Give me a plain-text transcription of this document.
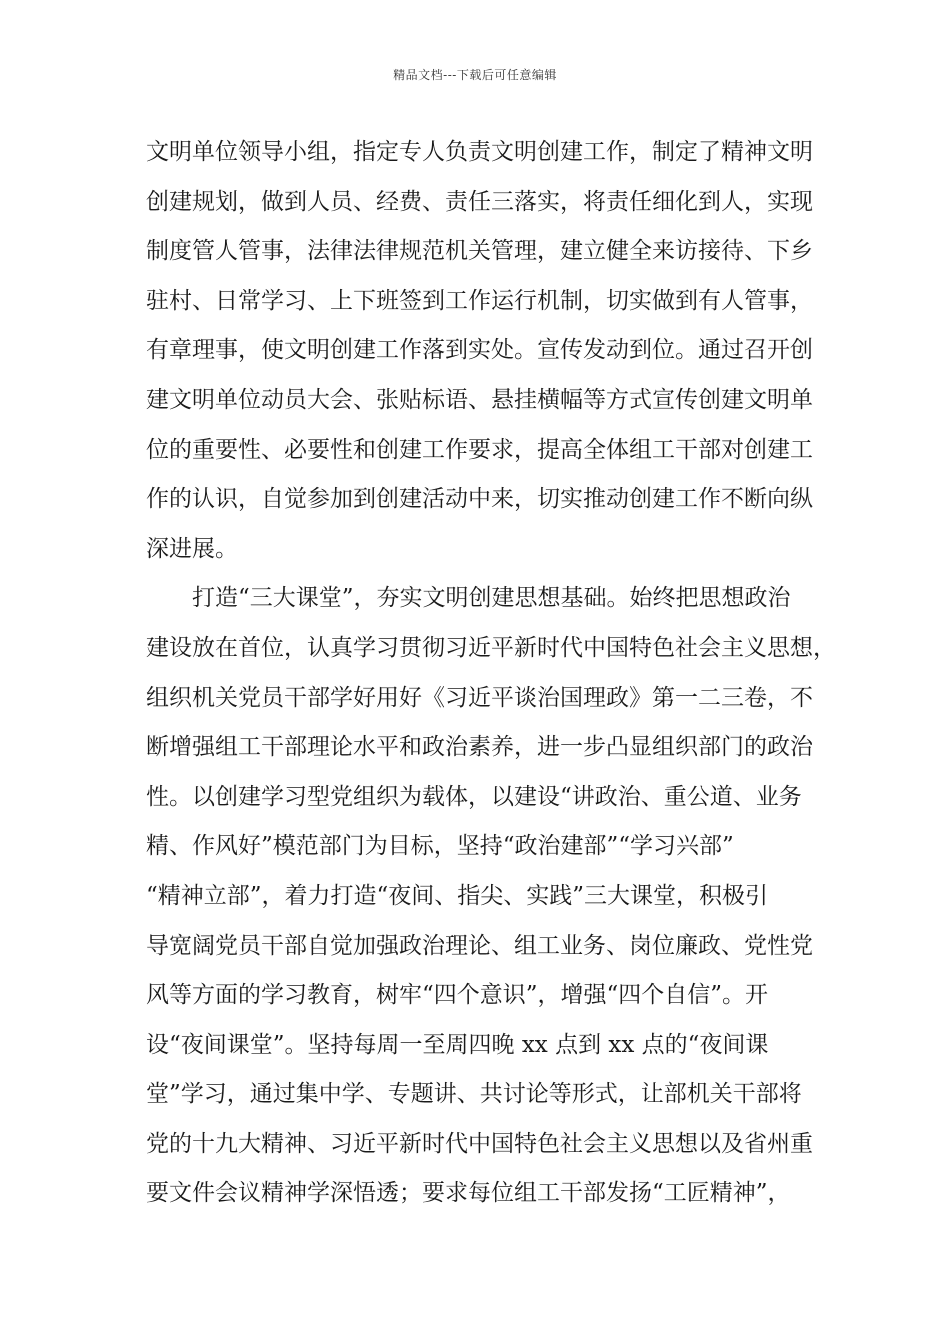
精品文档---下载后可任意编辑
文明单位领导小组，指定专人负责文明创建工作，制定了精神文明
创建规划，做到人员、经费、责任三落实，将责任细化到人，实现
制度管人管事，法律法律规范机关管理，建立健全来访接待、下乡
驻村、日常学习、上下班签到工作运行机制，切实做到有人管事，
有章理事，使文明创建工作落到实处。宣传发动到位。通过召开创
建文明单位动员大会、张贴标语、悬挂横幅等方式宣传创建文明单
位的重要性、必要性和创建工作要求，提高全体组工干部对创建工
作的认识，自觉参加到创建活动中来，切实推动创建工作不断向纵
深进展。
打造“三大课堂”，夯实文明创建思想基础。始终把思想政治
建设放在首位，认真学习贯彻习近平新时代中国特色社会主义思想，
组织机关党员干部学好用好《习近平谈治国理政》第一二三卷，不
断增强组工干部理论水平和政治素养，进一步凸显组织部门的政治
性。以创建学习型党组织为载体，以建设“讲政治、重公道、业务
精、作风好”模范部门为目标，坚持“政治建部”“学习兴部”
“精神立部”，着力打造“夜间、指尖、实践”三大课堂，积极引
导宽阔党员干部自觉加强政治理论、组工业务、岗位廉政、党性党
风等方面的学习教育，树牢“四个意识”，增强“四个自信”。开
设“夜间课堂”。坚持每周一至周四晚 xx 点到 xx 点的“夜间课
堂”学习，通过集中学、专题讲、共讨论等形式，让部机关干部将
党的十九大精神、习近平新时代中国特色社会主义思想以及省州重
要文件会议精神学深悟透；要求每位组工干部发扬“工匠精神”，
